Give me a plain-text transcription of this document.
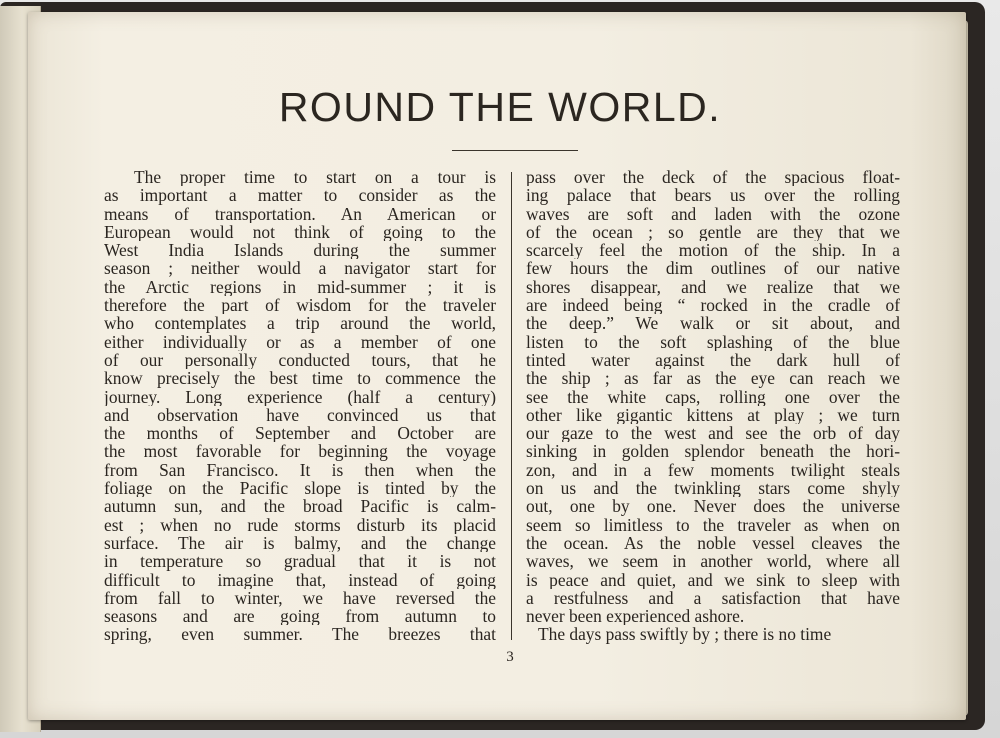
ROUND THE WORLD.
The proper time to start on a tour is
as important a matter to consider as the
means of transportation. An American or
European would not think of going to the
West India Islands during the summer
season ; neither would a navigator start for
the Arctic regions in mid-summer ; it is
therefore the part of wisdom for the traveler
who contemplates a trip around the world,
either individually or as a member of one
of our personally conducted tours, that he
know precisely the best time to commence the
journey. Long experience (half a century)
and observation have convinced us that
the months of September and October are
the most favorable for beginning the voyage
from San Francisco. It is then when the
foliage on the Pacific slope is tinted by the
autumn sun, and the broad Pacific is calm-
est ; when no rude storms disturb its placid
surface. The air is balmy, and the change
in temperature so gradual that it is not
difficult to imagine that, instead of going
from fall to winter, we have reversed the
seasons and are going from autumn to
spring, even summer. The breezes that
pass over the deck of the spacious float-
ing palace that bears us over the rolling
waves are soft and laden with the ozone
of the ocean ; so gentle are they that we
scarcely feel the motion of the ship. In a
few hours the dim outlines of our native
shores disappear, and we realize that we
are indeed being “ rocked in the cradle of
the deep.” We walk or sit about, and
listen to the soft splashing of the blue
tinted water against the dark hull of
the ship ; as far as the eye can reach we
see the white caps, rolling one over the
other like gigantic kittens at play ; we turn
our gaze to the west and see the orb of day
sinking in golden splendor beneath the hori-
zon, and in a few moments twilight steals
on us and the twinkling stars come shyly
out, one by one. Never does the universe
seem so limitless to the traveler as when on
the ocean. As the noble vessel cleaves the
waves, we seem in another world, where all
is peace and quiet, and we sink to sleep with
a restfulness and a satisfaction that have
never been experienced ashore.
The days pass swiftly by ; there is no time
3
